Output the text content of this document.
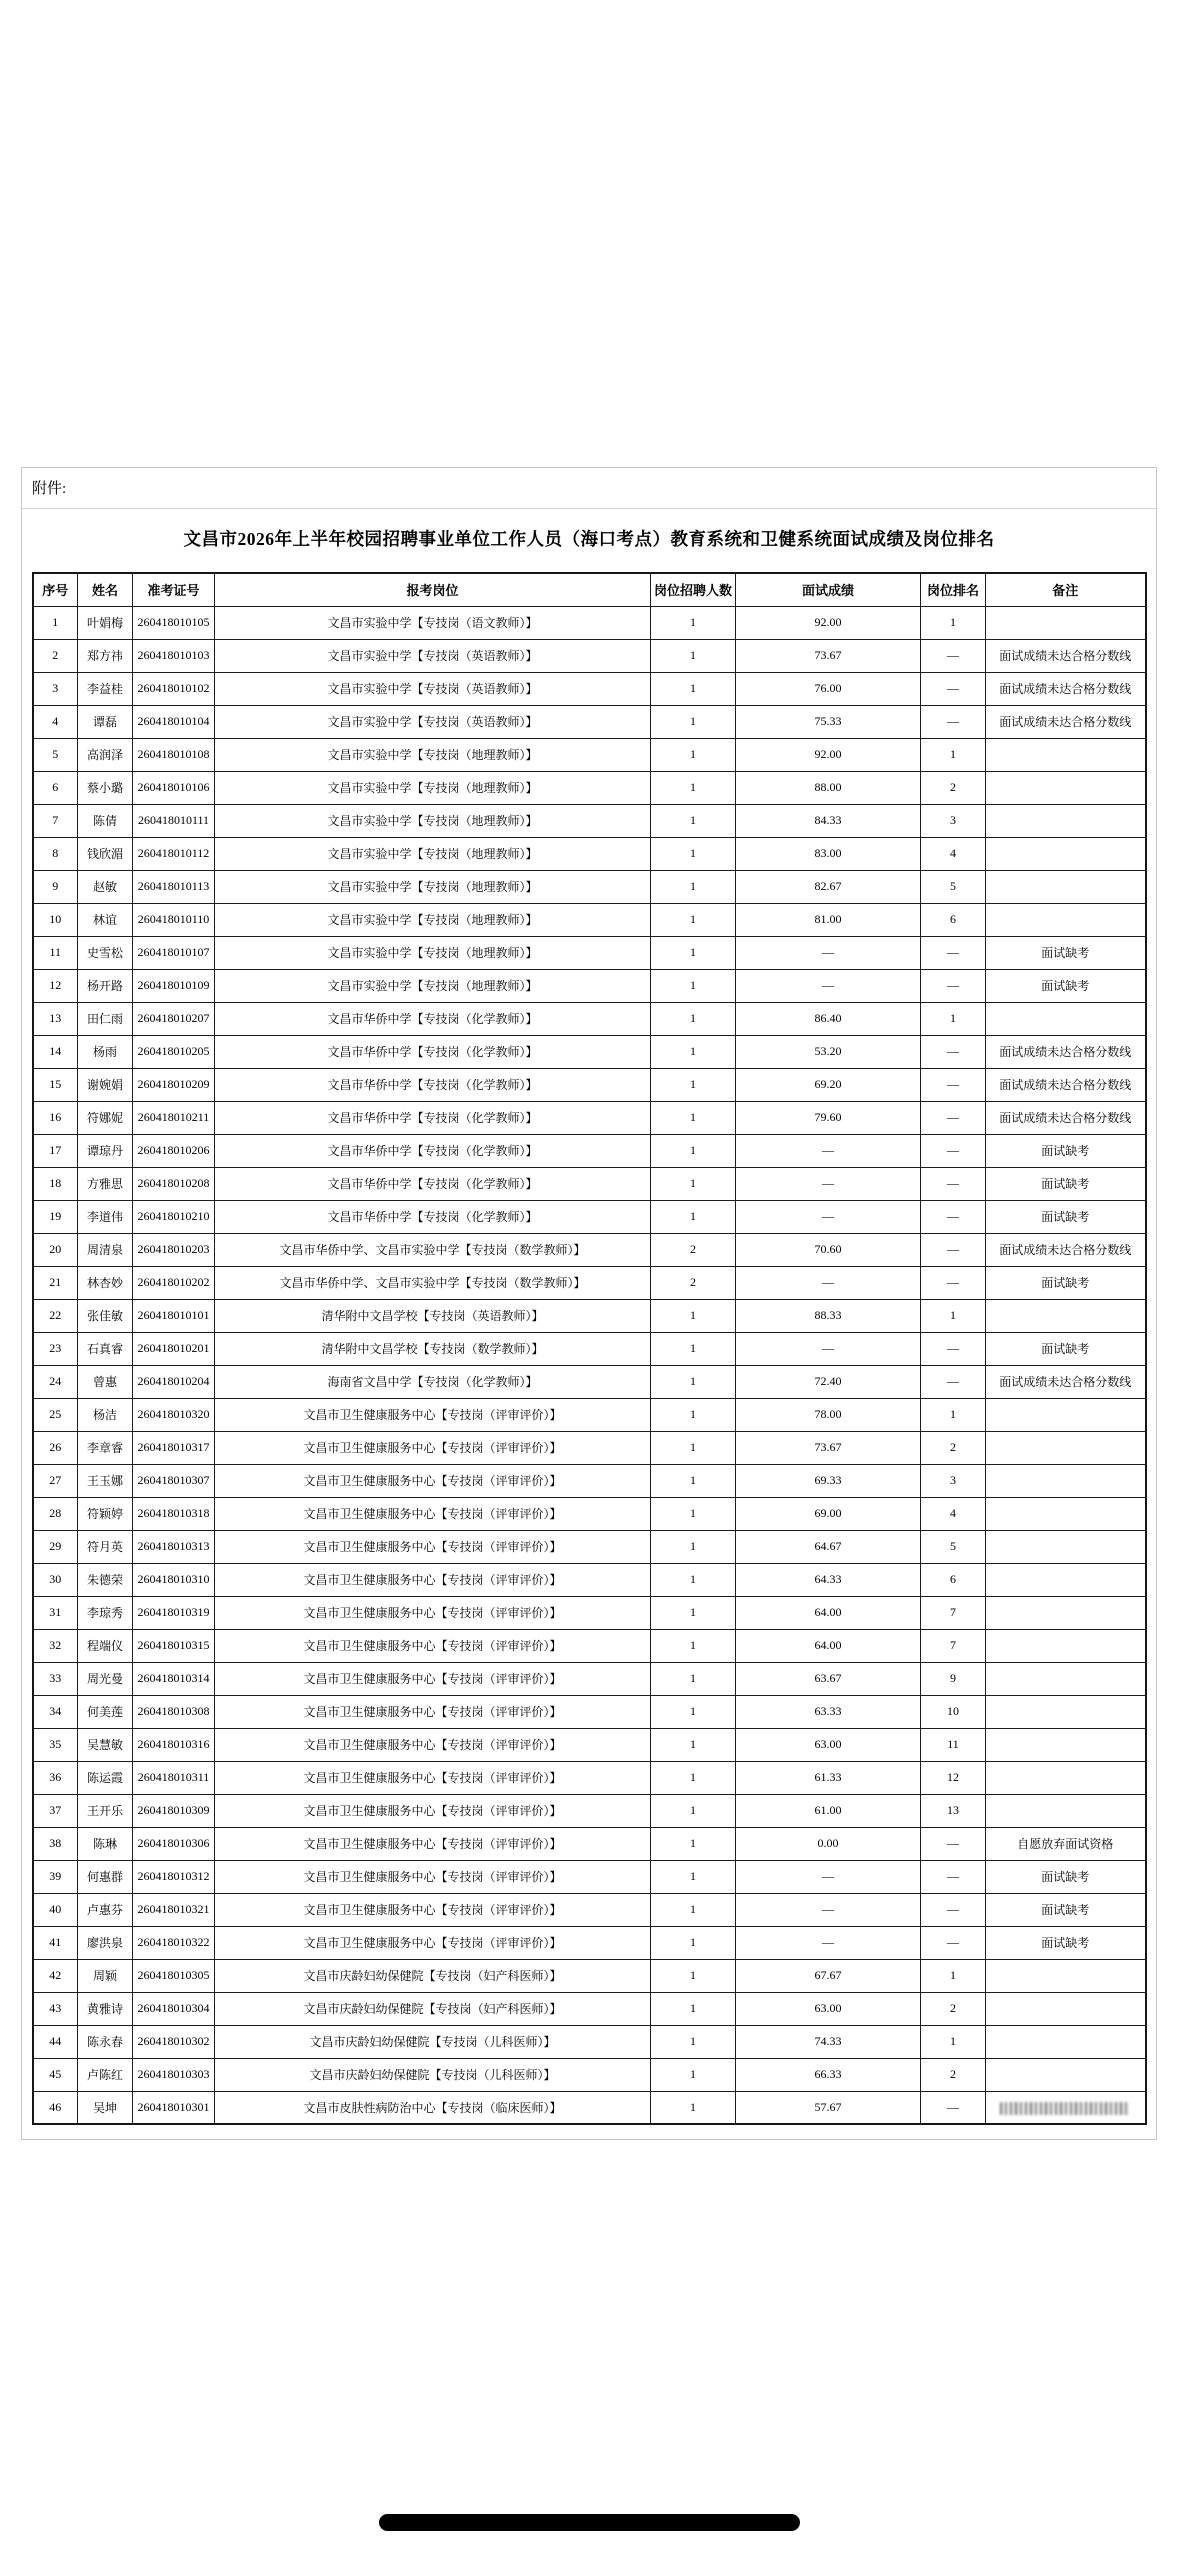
附件:
文昌市2026年上半年校园招聘事业单位工作人员（海口考点）教育系统和卫健系统面试成绩及岗位排名
序号	姓名	准考证号	报考岗位	岗位招聘人数	面试成绩	岗位排名	备注
1	叶娟梅	260418010105	文昌市实验中学【专技岗（语文教师）】	1	92.00	1	
2	郑方祎	260418010103	文昌市实验中学【专技岗（英语教师）】	1	73.67	—	面试成绩未达合格分数线
3	李益桂	260418010102	文昌市实验中学【专技岗（英语教师）】	1	76.00	—	面试成绩未达合格分数线
4	谭磊	260418010104	文昌市实验中学【专技岗（英语教师）】	1	75.33	—	面试成绩未达合格分数线
5	高润泽	260418010108	文昌市实验中学【专技岗（地理教师）】	1	92.00	1	
6	蔡小璐	260418010106	文昌市实验中学【专技岗（地理教师）】	1	88.00	2	
7	陈倩	260418010111	文昌市实验中学【专技岗（地理教师）】	1	84.33	3	
8	钱欣湄	260418010112	文昌市实验中学【专技岗（地理教师）】	1	83.00	4	
9	赵敏	260418010113	文昌市实验中学【专技岗（地理教师）】	1	82.67	5	
10	林谊	260418010110	文昌市实验中学【专技岗（地理教师）】	1	81.00	6	
11	史雪松	260418010107	文昌市实验中学【专技岗（地理教师）】	1	—	—	面试缺考
12	杨开路	260418010109	文昌市实验中学【专技岗（地理教师）】	1	—	—	面试缺考
13	田仁雨	260418010207	文昌市华侨中学【专技岗（化学教师）】	1	86.40	1	
14	杨雨	260418010205	文昌市华侨中学【专技岗（化学教师）】	1	53.20	—	面试成绩未达合格分数线
15	谢婉娟	260418010209	文昌市华侨中学【专技岗（化学教师）】	1	69.20	—	面试成绩未达合格分数线
16	符娜妮	260418010211	文昌市华侨中学【专技岗（化学教师）】	1	79.60	—	面试成绩未达合格分数线
17	谭琼丹	260418010206	文昌市华侨中学【专技岗（化学教师）】	1	—	—	面试缺考
18	方雅思	260418010208	文昌市华侨中学【专技岗（化学教师）】	1	—	—	面试缺考
19	李道伟	260418010210	文昌市华侨中学【专技岗（化学教师）】	1	—	—	面试缺考
20	周清泉	260418010203	文昌市华侨中学、文昌市实验中学【专技岗（数学教师）】	2	70.60	—	面试成绩未达合格分数线
21	林杏妙	260418010202	文昌市华侨中学、文昌市实验中学【专技岗（数学教师）】	2	—	—	面试缺考
22	张佳敏	260418010101	清华附中文昌学校【专技岗（英语教师）】	1	88.33	1	
23	石真睿	260418010201	清华附中文昌学校【专技岗（数学教师）】	1	—	—	面试缺考
24	曾惠	260418010204	海南省文昌中学【专技岗（化学教师）】	1	72.40	—	面试成绩未达合格分数线
25	杨洁	260418010320	文昌市卫生健康服务中心【专技岗（评审评价）】	1	78.00	1	
26	李章睿	260418010317	文昌市卫生健康服务中心【专技岗（评审评价）】	1	73.67	2	
27	王玉娜	260418010307	文昌市卫生健康服务中心【专技岗（评审评价）】	1	69.33	3	
28	符颖婷	260418010318	文昌市卫生健康服务中心【专技岗（评审评价）】	1	69.00	4	
29	符月英	260418010313	文昌市卫生健康服务中心【专技岗（评审评价）】	1	64.67	5	
30	朱德荣	260418010310	文昌市卫生健康服务中心【专技岗（评审评价）】	1	64.33	6	
31	李琼秀	260418010319	文昌市卫生健康服务中心【专技岗（评审评价）】	1	64.00	7	
32	程端仪	260418010315	文昌市卫生健康服务中心【专技岗（评审评价）】	1	64.00	7	
33	周光曼	260418010314	文昌市卫生健康服务中心【专技岗（评审评价）】	1	63.67	9	
34	何美莲	260418010308	文昌市卫生健康服务中心【专技岗（评审评价）】	1	63.33	10	
35	吴慧敏	260418010316	文昌市卫生健康服务中心【专技岗（评审评价）】	1	63.00	11	
36	陈运霞	260418010311	文昌市卫生健康服务中心【专技岗（评审评价）】	1	61.33	12	
37	王开乐	260418010309	文昌市卫生健康服务中心【专技岗（评审评价）】	1	61.00	13	
38	陈琳	260418010306	文昌市卫生健康服务中心【专技岗（评审评价）】	1	0.00	—	自愿放弃面试资格
39	何惠群	260418010312	文昌市卫生健康服务中心【专技岗（评审评价）】	1	—	—	面试缺考
40	卢惠芬	260418010321	文昌市卫生健康服务中心【专技岗（评审评价）】	1	—	—	面试缺考
41	廖洪泉	260418010322	文昌市卫生健康服务中心【专技岗（评审评价）】	1	—	—	面试缺考
42	周颖	260418010305	文昌市庆龄妇幼保健院【专技岗（妇产科医师）】	1	67.67	1	
43	黄雅诗	260418010304	文昌市庆龄妇幼保健院【专技岗（妇产科医师）】	1	63.00	2	
44	陈永春	260418010302	文昌市庆龄妇幼保健院【专技岗（儿科医师）】	1	74.33	1	
45	卢陈红	260418010303	文昌市庆龄妇幼保健院【专技岗（儿科医师）】	1	66.33	2	
46	吴坤	260418010301	文昌市皮肤性病防治中心【专技岗（临床医师）】	1	57.67	—	
